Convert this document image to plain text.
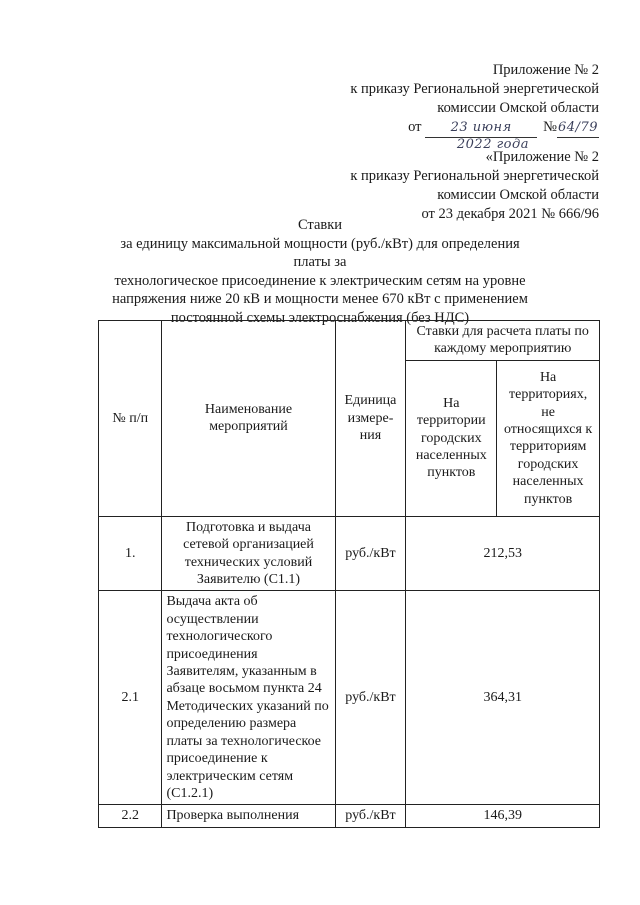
Приложение № 2
к приказу Региональной энергетической
комиссии Омской области
от 23 июня №64/79
2022 года
«Приложение № 2
к приказу Региональной энергетической
комиссии Омской области
от 23 декабря 2021 № 666/96
Ставки
за единицу максимальной мощности (руб./кВт) для определения платы за
технологическое присоединение к электрическим сетям на уровне
напряжения ниже 20 кВ и мощности менее 670 кВт с применением
постоянной схемы электроснабжения (без НДС)
№ п/п	Наименование мероприятий	Единица измере-ния	Ставки для расчета платы по каждому мероприятию	
			На территории городских населенных пунктов	На территориях, не относящихся к территориям городских населенных пунктов
1.	Подготовка и выдача сетевой организацией технических условий Заявителю (С1.1)	руб./кВт	212,53	
2.1	Выдача акта об осуществлении технологического присоединения Заявителям, указанным в абзаце восьмом пункта 24 Методических указаний по определению размера платы за технологическое присоединение к электрическим сетям (С1.2.1)	руб./кВт	364,31	
2.2	Проверка выполнения	руб./кВт	146,39	
